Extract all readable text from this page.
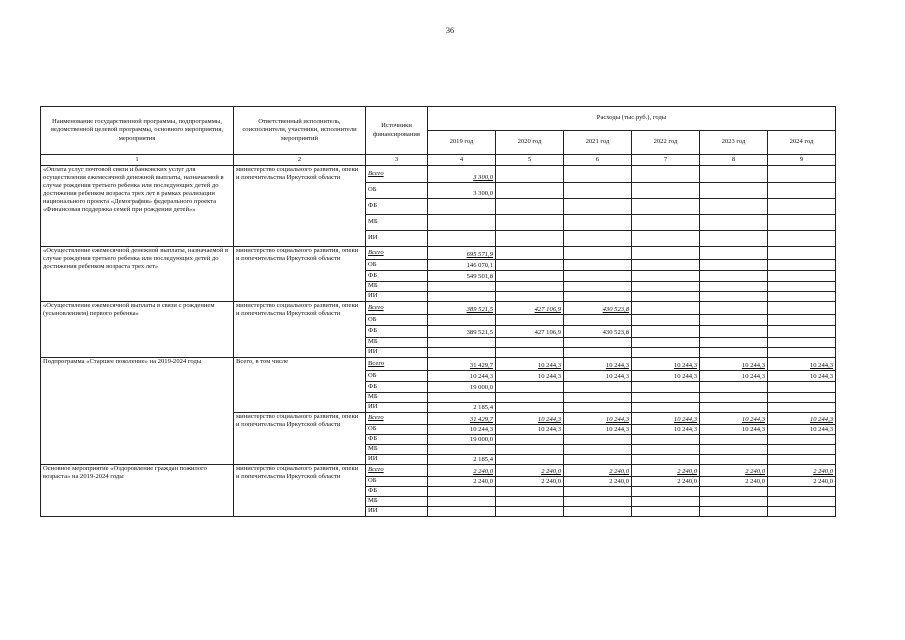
36
Наименование государственной программы, подпрограммы, ведомственной целевой программы, основного мероприятия, мероприятия	Ответственный исполнитель, соисполнители, участники, исполнители мероприятий	Источники финансирования	Расходы (тыс.руб.), годы					
			2019 год	2020 год	2021 год	2022 год	2023 год	2024 год
1	2	3	4	5	6	7	8	9
«Оплата услуг почтовой связи и банковских услуг для осуществления ежемесячной денежной выплаты, назначаемой в случае рождения третьего ребенка или последующих детей до достижения ребенком возраста трех лет в рамках реализации национального проекта «Демография» федерального проекта «Финансовая поддержка семей при рождении детей»»	министерство социального развития, опеки и попечительства Иркутской области	Всего	3 300,0					
		ОБ	3 300,0					
		ФБ						
		МБ						
		ИИ						
«Осуществление ежемесячной денежной выплаты, назначаемой в случае рождения третьего ребенка или последующих детей до достижения ребенком возраста трех лет»	министерство социального развития, опеки и попечительства Иркутской области	Всего	695 571,9					
		ОБ	146 070,1					
		ФБ	549 501,8					
		МБ						
		ИИ						
«Осуществление ежемесячной выплаты в связи с рождением (усыновлением) первого ребенка»	министерство социального развития, опеки и попечительства Иркутской области	Всего	389 521,5	427 106,9	430 523,8			
		ОБ						
		ФБ	389 521,5	427 106,9	430 523,8			
		МБ						
		ИИ						
Подпрограмма «Старшее поколение» на 2019-2024 годы	Всего, в том числе	Всего	31 429,7	10 244,3	10 244,3	10 244,3	10 244,3	10 244,3
		ОБ	10 244,3	10 244,3	10 244,3	10 244,3	10 244,3	10 244,3
		ФБ	19 000,0					
		МБ						
		ИИ	2 185,4					
	министерство социального развития, опеки и попечительства Иркутской области	Всего	31 429,7	10 244,3	10 244,3	10 244,3	10 244,3	10 244,3
		ОБ	10 244,3	10 244,3	10 244,3	10 244,3	10 244,3	10 244,3
		ФБ	19 000,0					
		МБ						
		ИИ	2 185,4					
Основное мероприятие «Оздоровление граждан пожилого возраста» на 2019-2024 годы	министерство социального развития, опеки и попечительства Иркутской области	Всего	2 240,0	2 240,0	2 240,0	2 240,0	2 240,0	2 240,0
		ОБ	2 240,0	2 240,0	2 240,0	2 240,0	2 240,0	2 240,0
		ФБ						
		МБ						
		ИИ						
